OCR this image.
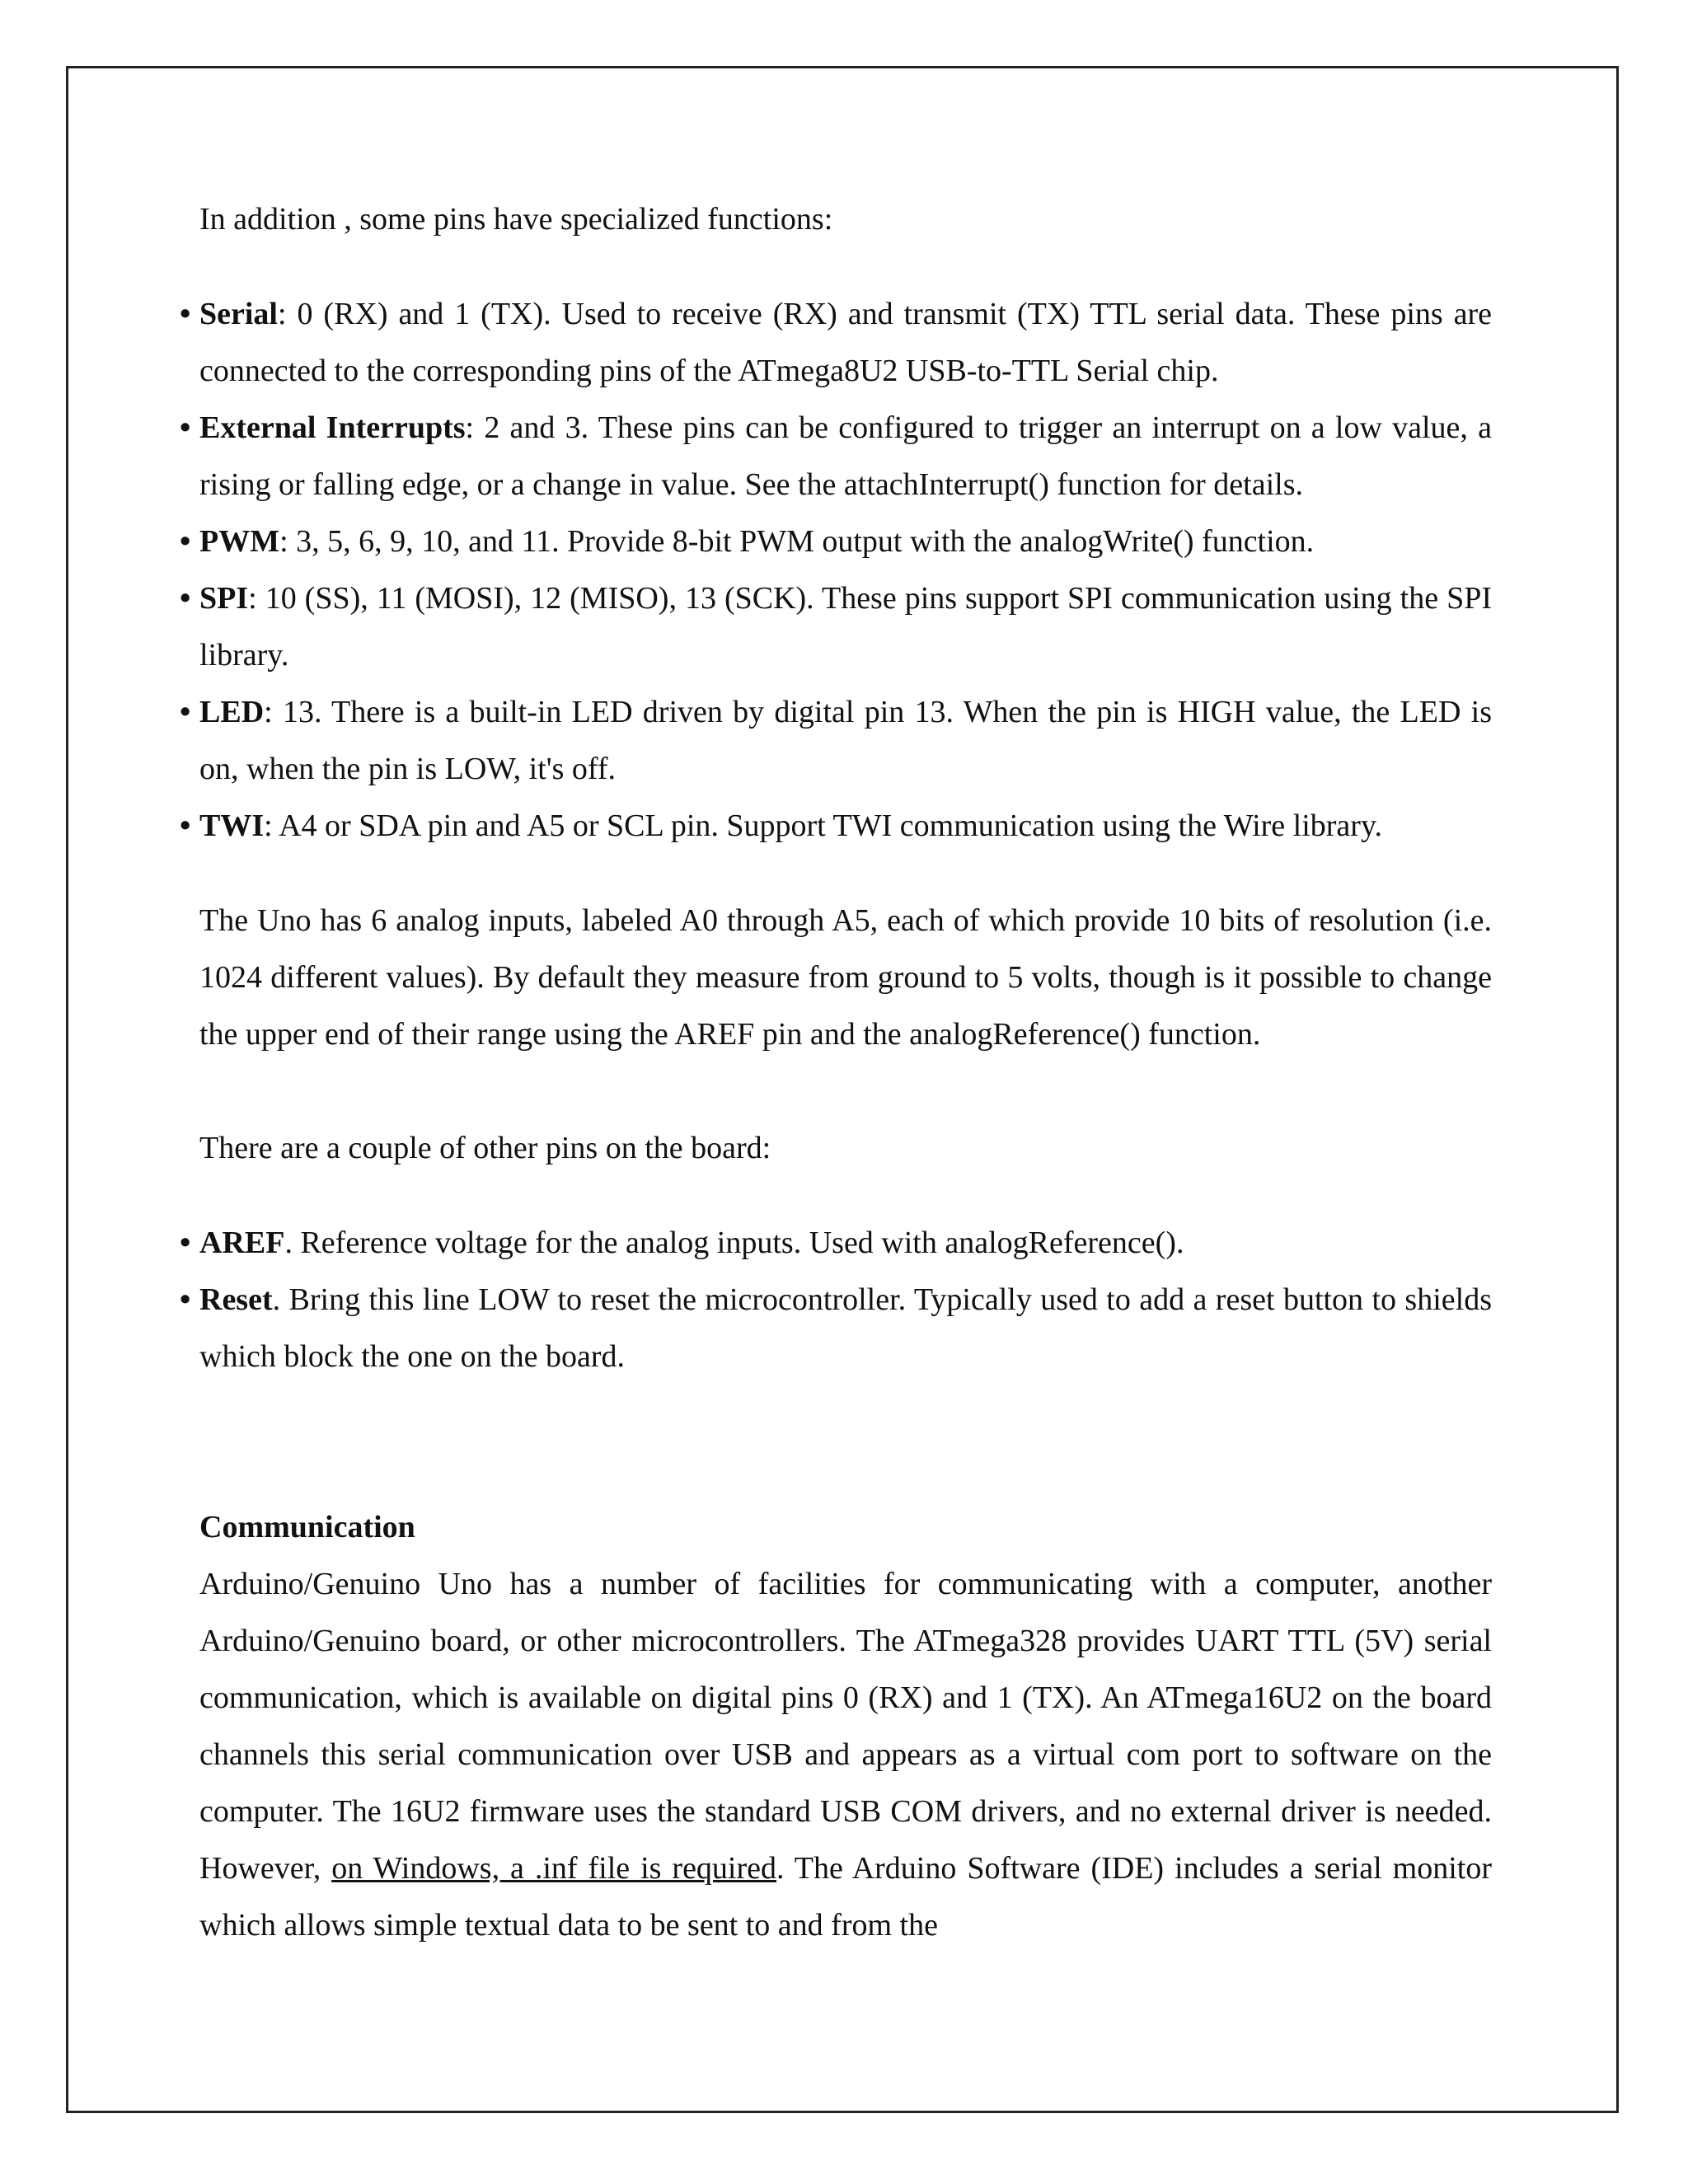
In addition , some pins have specialized functions:

• Serial: 0 (RX) and 1 (TX). Used to receive (RX) and transmit (TX) TTL serial data. These pins are connected to the corresponding pins of the ATmega8U2 USB-to-TTL Serial chip.
• External Interrupts: 2 and 3. These pins can be configured to trigger an interrupt on a low value, a rising or falling edge, or a change in value. See the attachInterrupt() function for details.
• PWM: 3, 5, 6, 9, 10, and 11. Provide 8-bit PWM output with the analogWrite() function.
• SPI: 10 (SS), 11 (MOSI), 12 (MISO), 13 (SCK). These pins support SPI communication using the SPI library.
• LED: 13. There is a built-in LED driven by digital pin 13. When the pin is HIGH value, the LED is on, when the pin is LOW, it's off.
• TWI: A4 or SDA pin and A5 or SCL pin. Support TWI communication using the Wire library.

The Uno has 6 analog inputs, labeled A0 through A5, each of which provide 10 bits of resolution (i.e. 1024 different values). By default they measure from ground to 5 volts, though is it possible to change the upper end of their range using the AREF pin and the analogReference() function.

There are a couple of other pins on the board:

• AREF. Reference voltage for the analog inputs. Used with analogReference().
• Reset. Bring this line LOW to reset the microcontroller. Typically used to add a reset button to shields which block the one on the board.

Communication

Arduino/Genuino Uno has a number of facilities for communicating with a computer, another Arduino/Genuino board, or other microcontrollers. The ATmega328 provides UART TTL (5V) serial communication, which is available on digital pins 0 (RX) and 1 (TX). An ATmega16U2 on the board channels this serial communication over USB and appears as a virtual com port to software on the computer. The 16U2 firmware uses the standard USB COM drivers, and no external driver is needed. However, on Windows, a .inf file is required. The Arduino Software (IDE) includes a serial monitor which allows simple textual data to be sent to and from the
